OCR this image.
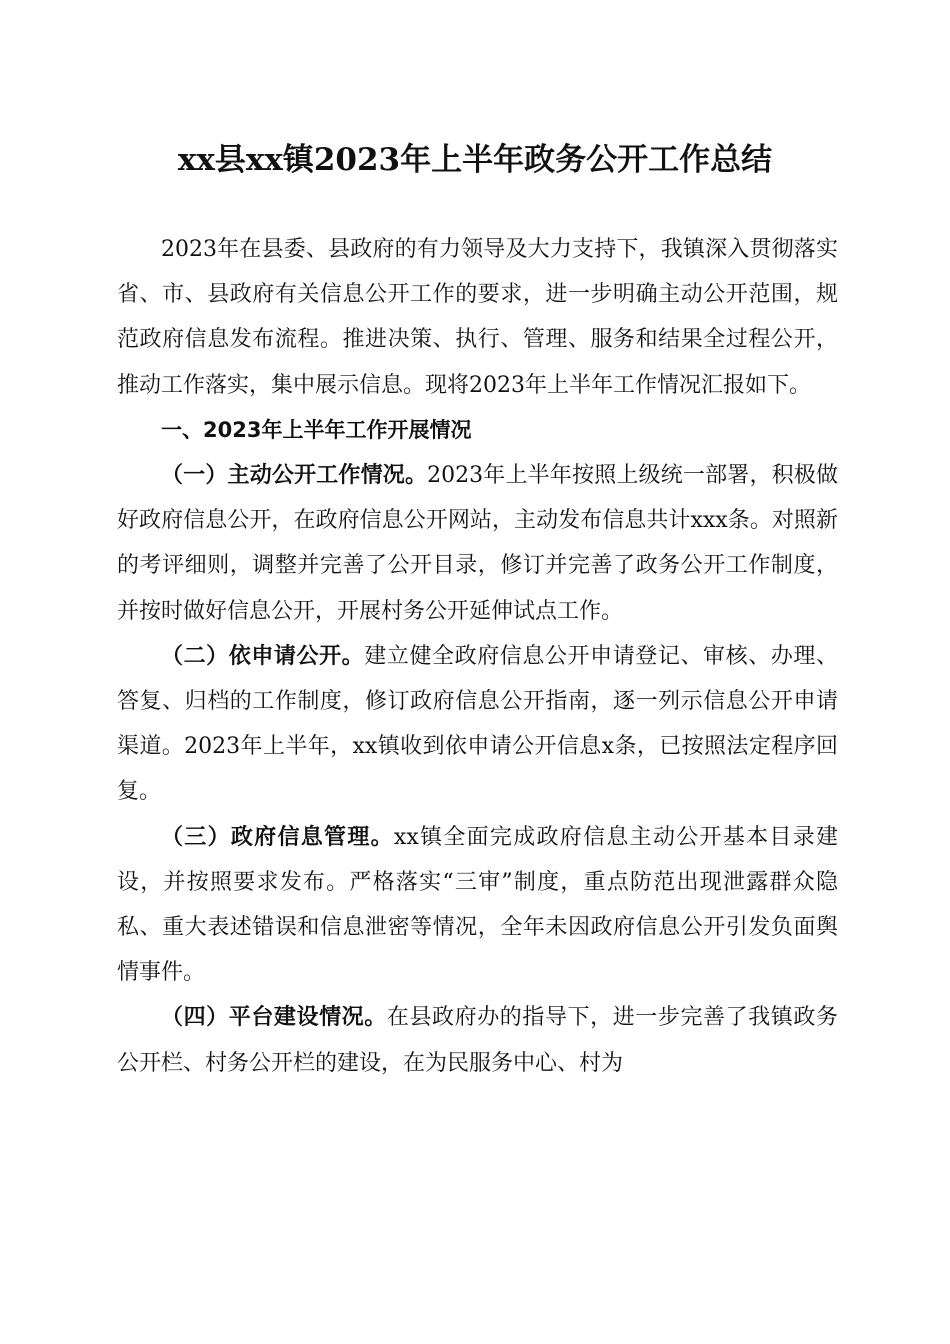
xx县xx镇2023年上半年政务公开工作总结

2023年在县委、县政府的有力领导及大力支持下，我镇深入贯彻落实省、市、县政府有关信息公开工作的要求，进一步明确主动公开范围，规范政府信息发布流程。推进决策、执行、管理、服务和结果全过程公开，推动工作落实，集中展示信息。现将2023年上半年工作情况汇报如下。

一、2023年上半年工作开展情况

（一）主动公开工作情况。2023年上半年按照上级统一部署，积极做好政府信息公开，在政府信息公开网站，主动发布信息共计xxx条。对照新的考评细则，调整并完善了公开目录，修订并完善了政务公开工作制度，并按时做好信息公开，开展村务公开延伸试点工作。

（二）依申请公开。建立健全政府信息公开申请登记、审核、办理、答复、归档的工作制度，修订政府信息公开指南，逐一列示信息公开申请渠道。2023年上半年，xx镇收到依申请公开信息x条，已按照法定程序回复。

（三）政府信息管理。xx镇全面完成政府信息主动公开基本目录建设，并按照要求发布。严格落实“三审”制度，重点防范出现泄露群众隐私、重大表述错误和信息泄密等情况，全年未因政府信息公开引发负面舆情事件。

（四）平台建设情况。在县政府办的指导下，进一步完善了我镇政务公开栏、村务公开栏的建设，在为民服务中心、村为
